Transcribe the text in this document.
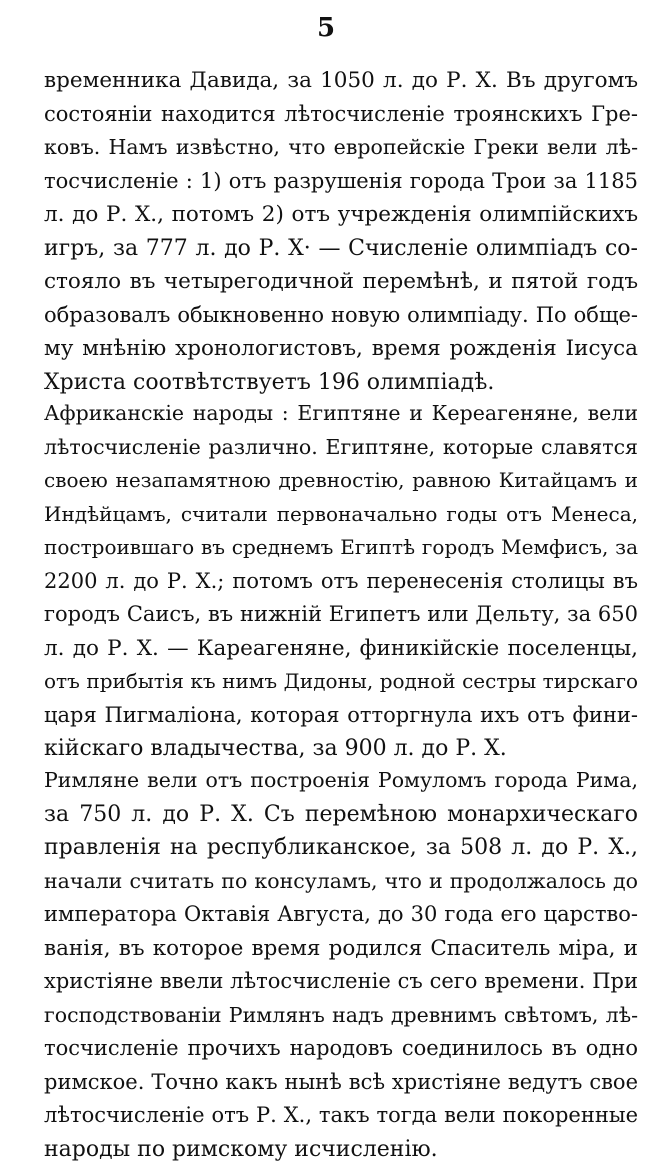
5
временника Давида, за 1050 л. до Р. Х. Въ другомъ
состояніи находится лѣтосчисленіе троянскихъ Гре-
ковъ. Намъ извѣстно, что европейскіе Греки вели лѣ-
тосчисленіе : 1) отъ разрушенія города Трои за 1185
л. до Р. Х., потомъ 2) отъ учрежденія олимпійскихъ
игръ, за 777 л. до Р. Х· — Счисленіе олимпіадъ со-
стояло въ четырегодичной перемѣнѣ, и пятой годъ
образовалъ обыкновенно новую олимпіаду. По обще-
му мнѣнію хронологистовъ, время рожденія Іисуса
Христа соотвѣтствуетъ 196 олимпіадѣ.
Африканскіе народы : Египтяне и Кереагеняне, вели
лѣтосчисленіе различно. Египтяне, которые славятся
своею незапамятною древностію, равною Китайцамъ и
Индѣйцамъ, считали первоначально годы отъ Менеса,
построившаго въ среднемъ Египтѣ городъ Мемфисъ, за
2200 л. до Р. Х.; потомъ отъ перенесенія столицы въ
городъ Саисъ, въ нижній Египетъ или Дельту, за 650
л. до Р. Х. — Кареагеняне, финикійскіе поселенцы,
отъ прибытія къ нимъ Дидоны, родной сестры тирскаго
царя Пигмаліона, которая отторгнула ихъ отъ фини-
кійскаго владычества, за 900 л. до Р. Х.
Римляне вели отъ построенія Ромуломъ города Рима,
за 750 л. до Р. Х. Съ перемѣною монархическаго
правленія на республиканское, за 508 л. до Р. Х.,
начали считать по консуламъ, что и продолжалось до
императора Октавія Августа, до 30 года его царство-
ванія, въ которое время родился Спаситель міра, и
христіяне ввели лѣтосчисленіе съ сего времени. При
господствованіи Римлянъ надъ древнимъ свѣтомъ, лѣ-
тосчисленіе прочихъ народовъ соединилось въ одно
римское. Точно какъ нынѣ всѣ христіяне ведутъ свое
лѣтосчисленіе отъ Р. Х., такъ тогда вели покоренные
народы по римскому исчисленію.
